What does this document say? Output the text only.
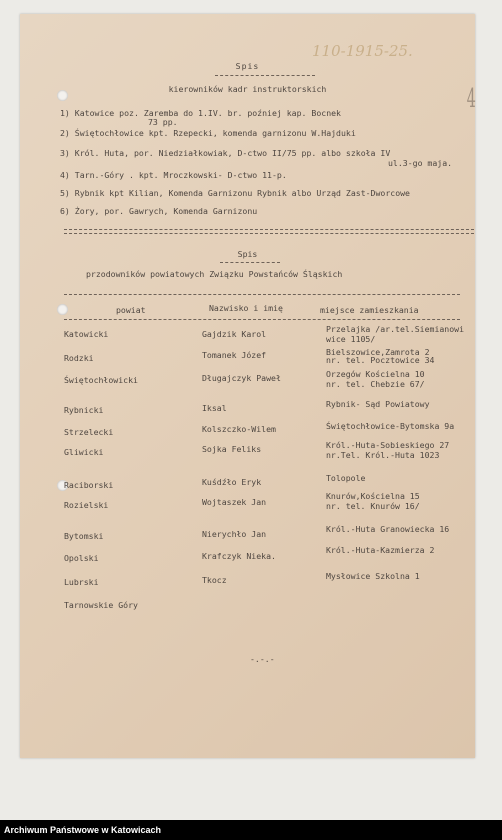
110-1915-25.
4
Spis
kierowników kadr instruktorskich
1) Katowice poz. Zaremba do 1.IV. br. poźniej kap. Bocnek
73 pp.
2) Świętochłowice kpt. Rzepecki, komenda garnizonu W.Hajduki
3) Król. Huta, por. Niedziałkowiak, D-ctwo II/75 pp. albo szkoła IV
ul.3-go maja.
4) Tarn.-Góry . kpt. Mroczkowski- D-ctwo 11-p.
5) Rybnik kpt Kilian, Komenda Garnizonu Rybnik albo Urząd Zast-Dworcowe
6) Żory, por. Gawrych, Komenda Garnizonu
Spis
przodowników powiatowych Związku Powstańców Śląskich
powiat	Nazwisko i imię	miejsce zamieszkania
Katowicki	Gajdzik Karol	Przelajka /ar.tel.Siemianowi
wice 1105/
Rodzki	Tomanek Józef	Bielszowice,Zamrota 2
nr. tel. Pocztowice 34
Świętochłowicki	Długajczyk Paweł	Orzegów Kościelna 10
nr. tel. Chebzie 67/
Rybnicki	Iksal	Rybnik- Sąd Powiatowy
Strzelecki	Kolszczko-Wilem	Świętochłowice-Bytomska 9a
Gliwicki	Sojka Feliks	Król.-Huta-Sobieskiego 27
nr.Tel. Król.-Huta 1023
Raciborski	Kuśdźło Eryk	Tolopole
Rozielski	Wojtaszek Jan
Knurów,Kościelna 15
nr. tel. Knurów 16/
Bytomski	Nierychło Jan	Król.-Huta Granowiecka 16
Opolski	Krafczyk Nieka.
Król.-Huta-Kazmierza 2
Lubrski	Tkocz	Mysłowice Szkolna 1
Tarnowskie Góry
-.-.-
Archiwum Państwowe w Katowicach
